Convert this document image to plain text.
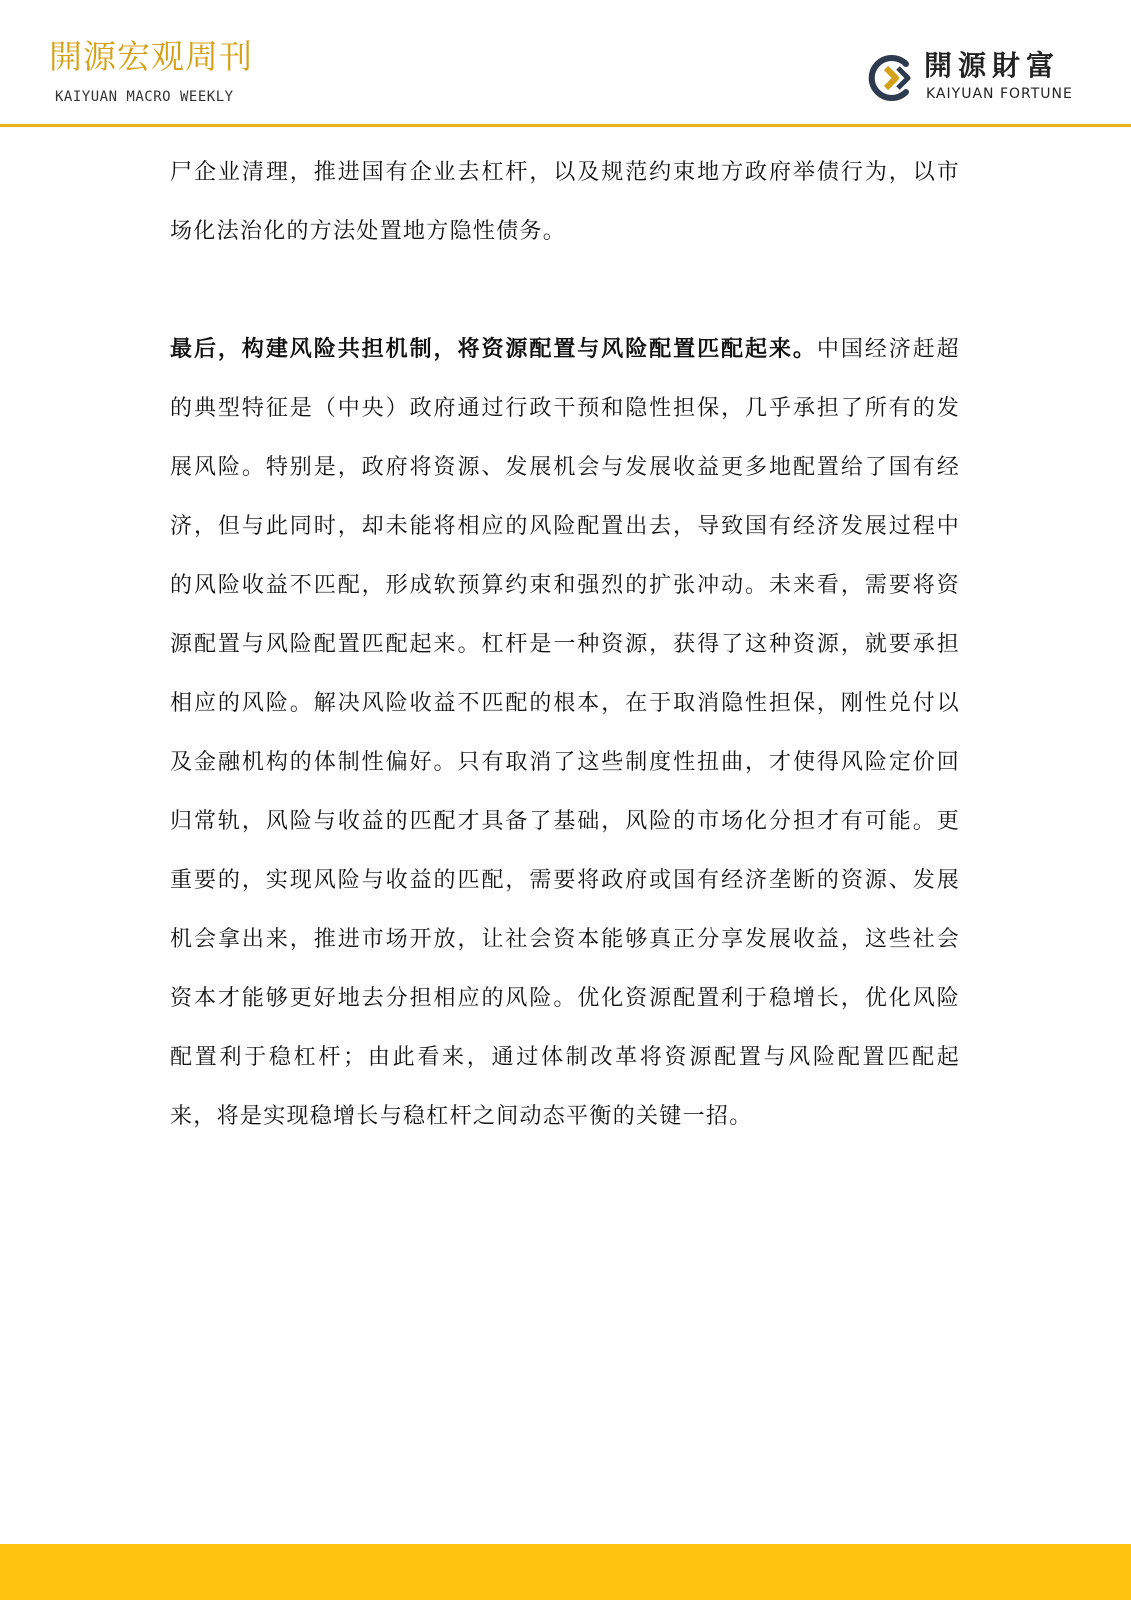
開源宏观周刊
KAIYUAN MACRO WEEKLY
開源財富
KAIYUAN FORTUNE

尸企业清理，推进国有企业去杠杆，以及规范约束地方政府举债行为，以市场化法治化的方法处置地方隐性债务。

最后，构建风险共担机制，将资源配置与风险配置匹配起来。中国经济赶超的典型特征是（中央）政府通过行政干预和隐性担保，几乎承担了所有的发展风险。特别是，政府将资源、发展机会与发展收益更多地配置给了国有经济，但与此同时，却未能将相应的风险配置出去，导致国有经济发展过程中的风险收益不匹配，形成软预算约束和强烈的扩张冲动。未来看，需要将资源配置与风险配置匹配起来。杠杆是一种资源，获得了这种资源，就要承担相应的风险。解决风险收益不匹配的根本，在于取消隐性担保，刚性兑付以及金融机构的体制性偏好。只有取消了这些制度性扭曲，才使得风险定价回归常轨，风险与收益的匹配才具备了基础，风险的市场化分担才有可能。更重要的，实现风险与收益的匹配，需要将政府或国有经济垄断的资源、发展机会拿出来，推进市场开放，让社会资本能够真正分享发展收益，这些社会资本才能够更好地去分担相应的风险。优化资源配置利于稳增长，优化风险配置利于稳杠杆；由此看来，通过体制改革将资源配置与风险配置匹配起来，将是实现稳增长与稳杠杆之间动态平衡的关键一招。
